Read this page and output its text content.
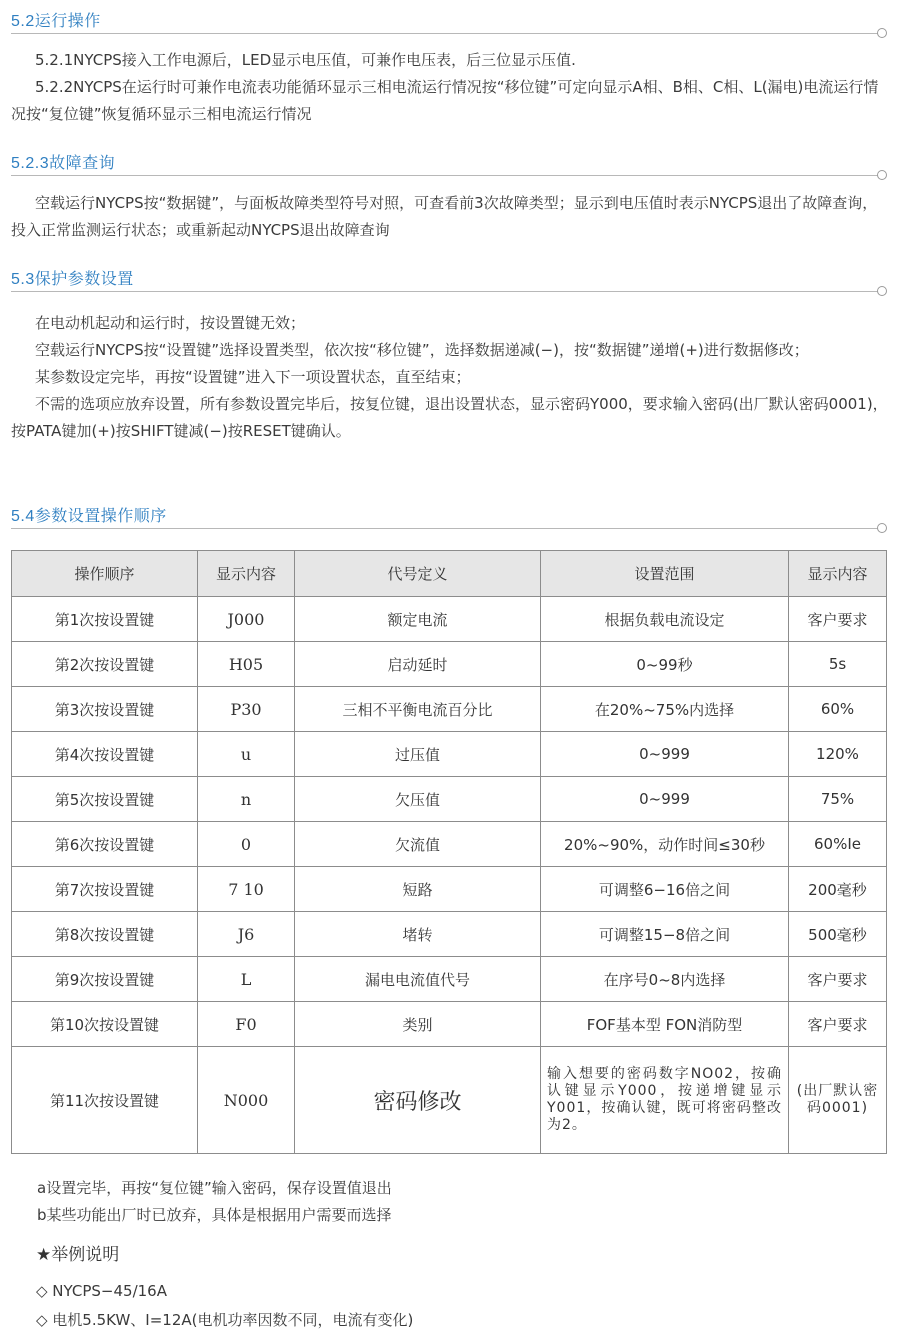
5.2运行操作

5.2.1NYCPS接入工作电源后，LED显示电压值，可兼作电压表，后三位显示压值.

5.2.2NYCPS在运行时可兼作电流表功能循环显示三相电流运行情况按“移位键”可定向显示A相、B相、C相、L(漏电)电流运行情况按“复位键”恢复循环显示三相电流运行情况

5.2.3故障查询

空载运行NYCPS按“数据键”，与面板故障类型符号对照，可查看前3次故障类型；显示到电压值时表示NYCPS退出了故障查询，投入正常监测运行状态；或重新起动NYCPS退出故障查询

5.3保护参数设置

在电动机起动和运行时，按设置键无效；

空载运行NYCPS按“设置键”选择设置类型，依次按“移位键”，选择数据递减(−)，按“数据键”递增(+)进行数据修改；

某参数设定完毕，再按“设置键”进入下一项设置状态，直至结束；

不需的选项应放弃设置，所有参数设置完毕后，按复位键，退出设置状态，显示密码Y000，要求输入密码(出厂默认密码0001)，按PATA键加(+)按SHIFT键减(−)按RESET键确认。

5.4参数设置操作顺序
操作顺序	显示内容	代号定义	设置范围	显示内容
第1次按设置键	J000	额定电流	根据负载电流设定	客户要求
第2次按设置键	H05	启动延时	0~99秒	5s
第3次按设置键	P30	三相不平衡电流百分比	在20%~75%内选择	60%
第4次按设置键	u	过压值	0~999	120%
第5次按设置键	n	欠压值	0~999	75%
第6次按设置键	0	欠流值	20%~90%，动作时间≤30秒	60%Ie
第7次按设置键	7 10	短路	可调整6−16倍之间	200毫秒
第8次按设置键	J6	堵转	可调整15−8倍之间	500毫秒
第9次按设置键	L	漏电电流值代号	在序号0~8内选择	客户要求
第10次按设置键	F0	类别	FOF基本型 FON消防型	客户要求
第11次按设置键	N000	密码修改	输入想要的密码数字NO02，按确认键显示Y000，按递增键显示Y001，按确认键，既可将密码整改为2。	(出厂默认密码0001)
a设置完毕，再按“复位键”输入密码，保存设置值退出
b某些功能出厂时已放弃，具体是根据用户需要而选择
★举例说明
◇ NYCPS−45/16A
◇ 电机5.5KW、I=12A(电机功率因数不同，电流有变化)
